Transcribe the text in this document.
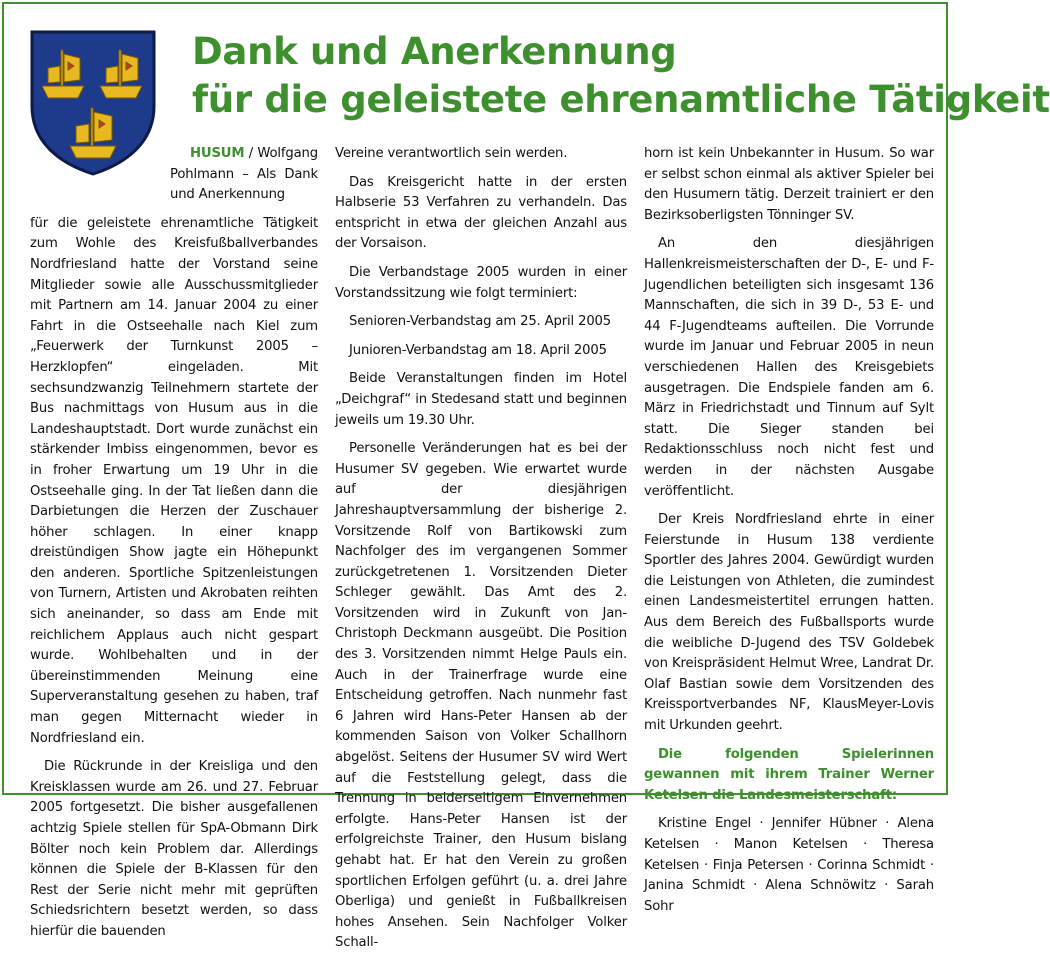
Dank und Anerkennung
für die geleistete ehrenamtliche Tätigkeit

HUSUM / Wolfgang Pohlmann – Als Dank und Anerkennung

für die geleistete ehrenamtliche Tätigkeit zum Wohle des Kreisfußballverbandes Nordfriesland hatte der Vorstand seine Mitglieder sowie alle Ausschussmitglieder mit Partnern am 14. Januar 2004 zu einer Fahrt in die Ostseehalle nach Kiel zum „Feuerwerk der Turnkunst 2005 – Herzklopfen“ eingeladen. Mit sechsundzwanzig Teilnehmern startete der Bus nachmittags von Husum aus in die Landeshauptstadt. Dort wurde zunächst ein stärkender Imbiss eingenommen, bevor es in froher Erwartung um 19 Uhr in die Ostseehalle ging. In der Tat ließen dann die Darbietungen die Herzen der Zuschauer höher schlagen. In einer knapp dreistündigen Show jagte ein Höhepunkt den anderen. Sportliche Spitzenleistungen von Turnern, Artisten und Akrobaten reihten sich aneinander, so dass am Ende mit reichlichem Applaus auch nicht gespart wurde. Wohlbehalten und in der übereinstimmenden Meinung eine Superveranstaltung gesehen zu haben, traf man gegen Mitternacht wieder in Nordfriesland ein.

Die Rückrunde in der Kreisliga und den Kreisklassen wurde am 26. und 27. Februar 2005 fortgesetzt. Die bisher ausgefallenen achtzig Spiele stellen für SpA-Obmann Dirk Bölter noch kein Problem dar. Allerdings können die Spiele der B-Klassen für den Rest der Serie nicht mehr mit geprüften Schiedsrichtern besetzt werden, so dass hierfür die bauenden

Vereine verantwortlich sein werden.

Das Kreisgericht hatte in der ersten Halbserie 53 Verfahren zu verhandeln. Das entspricht in etwa der gleichen Anzahl aus der Vorsaison.

Die Verbandstage 2005 wurden in einer Vorstandssitzung wie folgt terminiert:

Senioren-Verbandstag am 25. April 2005

Junioren-Verbandstag am 18. April 2005

Beide Veranstaltungen finden im Hotel „Deichgraf“ in Stedesand statt und beginnen jeweils um 19.30 Uhr.

Personelle Veränderungen hat es bei der Husumer SV gegeben. Wie erwartet wurde auf der diesjährigen Jahreshauptversammlung der bisherige 2. Vorsitzende Rolf von Bartikowski zum Nachfolger des im vergangenen Sommer zurückgetretenen 1. Vorsitzenden Dieter Schleger gewählt. Das Amt des 2. Vorsitzenden wird in Zukunft von Jan-Christoph Deckmann ausgeübt. Die Position des 3. Vorsitzenden nimmt Helge Pauls ein. Auch in der Trainerfrage wurde eine Entscheidung getroffen. Nach nunmehr fast 6 Jahren wird Hans-Peter Hansen ab der kommenden Saison von Volker Schallhorn abgelöst. Seitens der Husumer SV wird Wert auf die Feststellung gelegt, dass die Trennung in beiderseitigem Einvernehmen erfolgte. Hans-Peter Hansen ist der erfolgreichste Trainer, den Husum bislang gehabt hat. Er hat den Verein zu großen sportlichen Erfolgen geführt (u. a. drei Jahre Oberliga) und genießt in Fußballkreisen hohes Ansehen. Sein Nachfolger Volker Schall-

horn ist kein Unbekannter in Husum. So war er selbst schon einmal als aktiver Spieler bei den Husumern tätig. Derzeit trainiert er den Bezirksoberligsten Tönninger SV.

An den diesjährigen Hallenkreismeisterschaften der D-, E- und F-Jugendlichen beteiligten sich insgesamt 136 Mannschaften, die sich in 39 D-, 53 E- und 44 F-Jugendteams aufteilen. Die Vorrunde wurde im Januar und Februar 2005 in neun verschiedenen Hallen des Kreisgebiets ausgetragen. Die Endspiele fanden am 6. März in Friedrichstadt und Tinnum auf Sylt statt. Die Sieger standen bei Redaktionsschluss noch nicht fest und werden in der nächsten Ausgabe veröffentlicht.

Der Kreis Nordfriesland ehrte in einer Feierstunde in Husum 138 verdiente Sportler des Jahres 2004. Gewürdigt wurden die Leistungen von Athleten, die zumindest einen Landesmeistertitel errungen hatten. Aus dem Bereich des Fußballsports wurde die weibliche D-Jugend des TSV Goldebek von Kreispräsident Helmut Wree, Landrat Dr. Olaf Bastian sowie dem Vorsitzenden des Kreissportverbandes NF, KlausMeyer-Lovis mit Urkunden geehrt.

Die folgenden Spielerinnen gewannen mit ihrem Trainer Werner Ketelsen die Landesmeisterschaft:

Kristine Engel · Jennifer Hübner · Alena Ketelsen · Manon Ketelsen · Theresa Ketelsen · Finja Petersen · Corinna Schmidt · Janina Schmidt · Alena Schnöwitz · Sarah Sohr
